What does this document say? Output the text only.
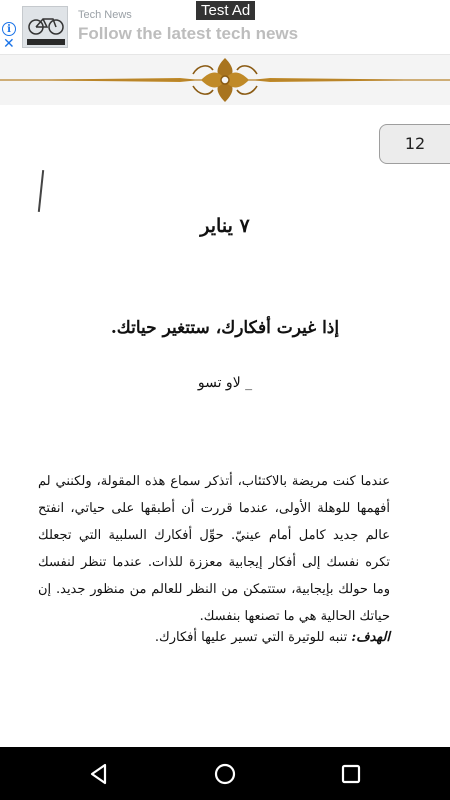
i
✕
Tech News
Follow the latest tech news
Test Ad
12
٧ يناير
إذا غيرت أفكارك، ستتغير حياتك.
_ لاو تسو
عندما كنت مريضة بالاكتئاب، أتذكر سماع هذه المقولة، ولكنني لم أفهمها للوهلة الأولى، عندما قررت أن أطبقها على حياتي، انفتح عالم جديد كامل أمام عينيّ. حوِّل أفكارك السلبية التي تجعلك تكره نفسك إلى أفكار إيجابية معززة للذات. عندما تنظر لنفسك وما حولك بإيجابية، ستتمكن من النظر للعالم من منظور جديد. إن حياتك الحالية هي ما تصنعها بنفسك.
الهدف: تنبه للوتيرة التي تسير عليها أفكارك.
